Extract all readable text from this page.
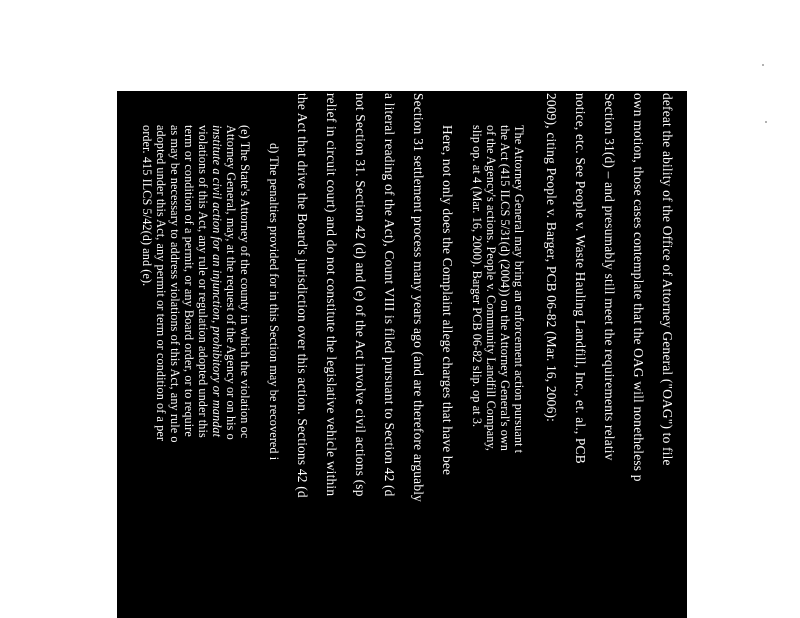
defeat the ability of the Office of Attorney General ("OAG") to file
own motion, those cases contemplate that the OAG will nonetheless p
Section 31(d) – and presumably still meet the requirements relativ
notice, etc. See People v. Waste Hauling Landfill, Inc., et. al., PCB
2009), citing People v. Barger, PCB 06-82 (Mar. 16, 2006):
The Attorney General may bring an enforcement action pursuant t
the Act (415 ILCS 5/31(d) (2004)) on the Attorney General's own
of the Agency's actions. People v. Community Landfill Company,
slip op. at 4 (Mar. 16, 2000). Barger PCB 06-82 slip. op at 3.
Here, not only does the Complaint allege charges that have bee
Section 31 settlement process many years ago (and are therefore arguably
a literal reading of the Act), Count VIII is filed pursuant to Section 42 (d
not Section 31. Section 42 (d) and (e) of the Act involve civil actions (sp
relief in circuit court) and do not constitute the legislative vehicle within
the Act that drive the Board's jurisdiction over this action. Sections 42 (d
d) The penalties provided for in this Section may be recovered i
(e) The State's Attorney of the county in which the violation oc
Attorney General, may, at the request of the Agency or on his o
institute a civil action for an injunction, prohibitory or mandat
violations of this Act, any rule or regulation adopted under this
term or condition of a permit, or any Board order, or to require
as may be necessary to address violations of this Act, any rule o
adopted under this Act, any permit or term or condition of a per
order. 415 ILCS 5/42(d) and (e).
